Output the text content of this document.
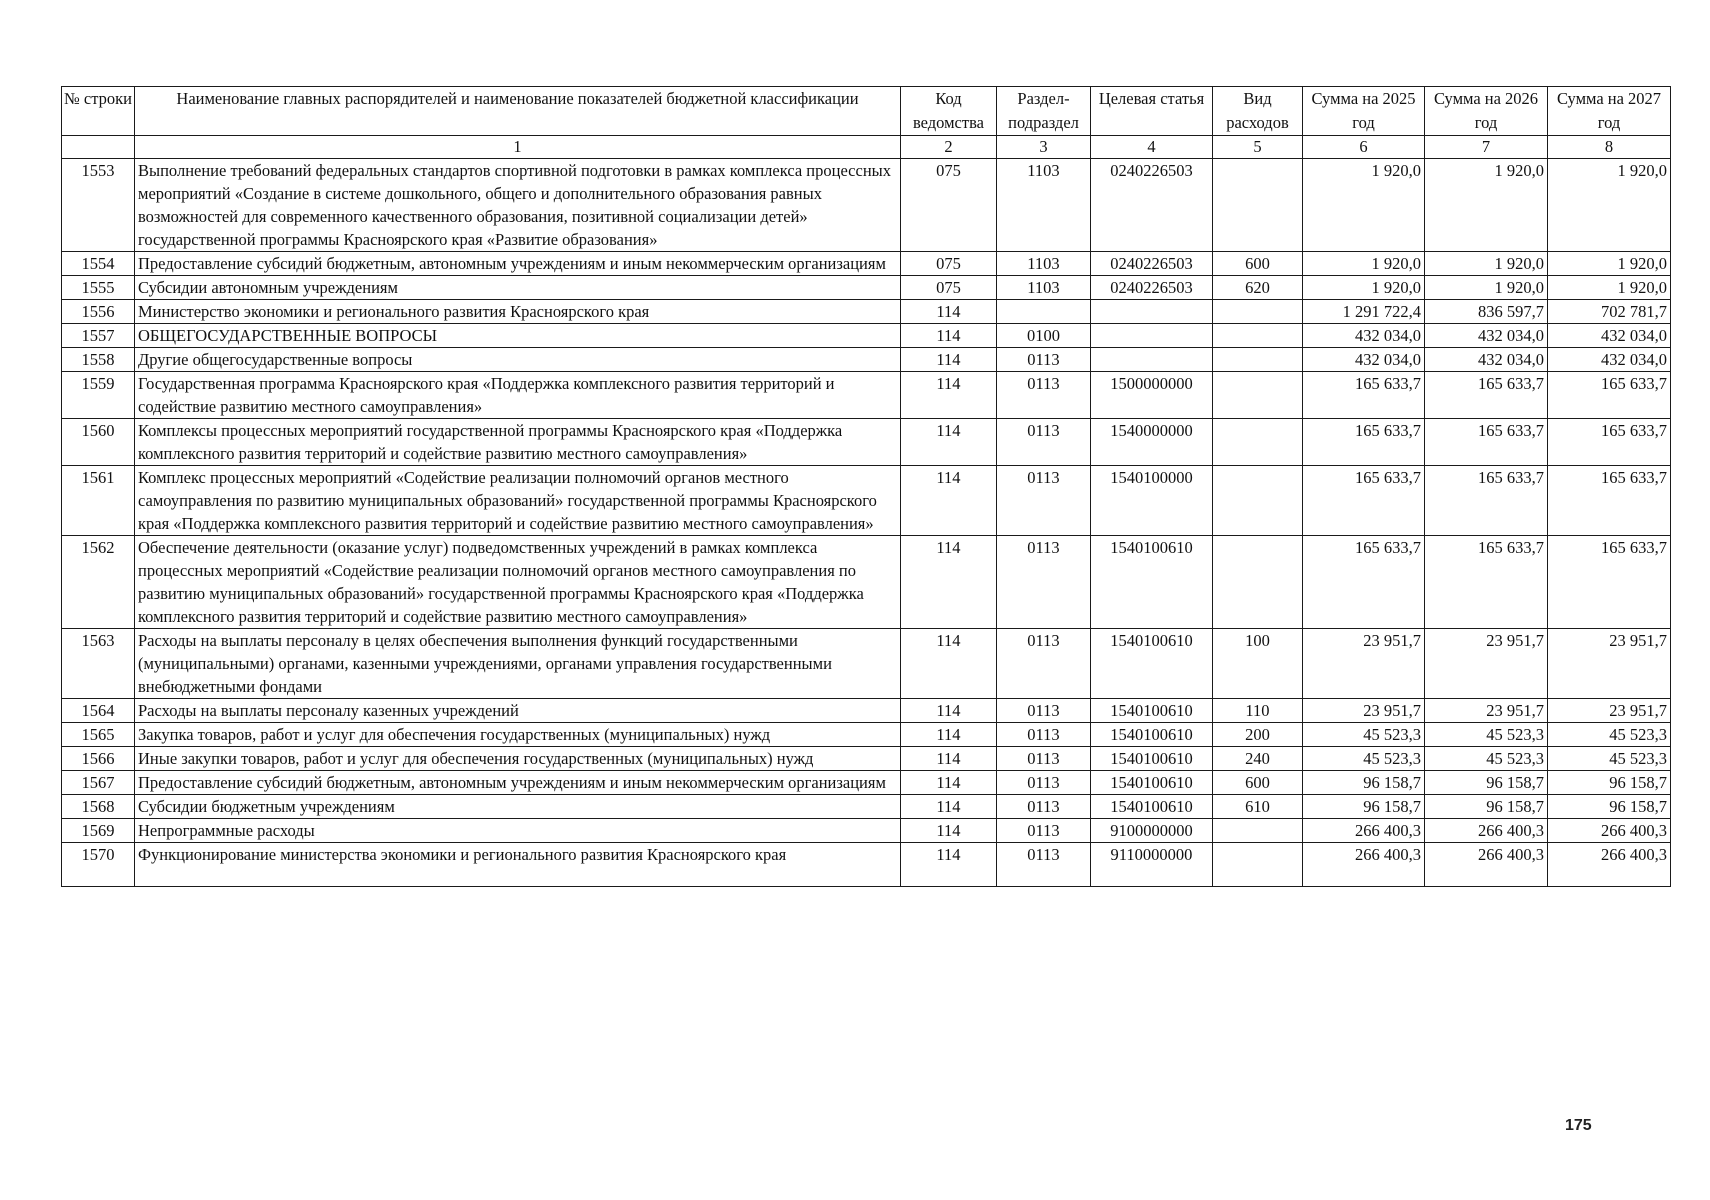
№ строки	Наименование главных распорядителей и наименование показателей бюджетной классификации	Код ведомства	Раздел-подраздел	Целевая статья	Вид расходов	Сумма на 2025 год	Сумма на 2026 год	Сумма на 2027 год
	1	2	3	4	5	6	7	8
1553	Выполнение требований федеральных стандартов спортивной подготовки в рамках комплекса процессных мероприятий «Создание в системе дошкольного, общего и дополнительного образования равных возможностей для современного качественного образования, позитивной социализации детей» государственной программы Красноярского края «Развитие образования»	075	1103	0240226503		1 920,0	1 920,0	1 920,0
1554	Предоставление субсидий бюджетным, автономным учреждениям и иным некоммерческим организациям	075	1103	0240226503	600	1 920,0	1 920,0	1 920,0
1555	Субсидии автономным учреждениям	075	1103	0240226503	620	1 920,0	1 920,0	1 920,0
1556	Министерство экономики и регионального развития Красноярского края	114				1 291 722,4	836 597,7	702 781,7
1557	ОБЩЕГОСУДАРСТВЕННЫЕ ВОПРОСЫ	114	0100			432 034,0	432 034,0	432 034,0
1558	Другие общегосударственные вопросы	114	0113			432 034,0	432 034,0	432 034,0
1559	Государственная программа Красноярского края «Поддержка комплексного развития территорий и содействие развитию местного самоуправления»	114	0113	1500000000		165 633,7	165 633,7	165 633,7
1560	Комплексы процессных мероприятий государственной программы Красноярского края «Поддержка комплексного развития территорий и содействие развитию местного самоуправления»	114	0113	1540000000		165 633,7	165 633,7	165 633,7
1561	Комплекс процессных мероприятий «Содействие реализации полномочий органов местного самоуправления по развитию муниципальных образований» государственной программы Красноярского края «Поддержка комплексного развития территорий и содействие развитию местного самоуправления»	114	0113	1540100000		165 633,7	165 633,7	165 633,7
1562	Обеспечение деятельности (оказание услуг) подведомственных учреждений в рамках комплекса процессных мероприятий «Содействие реализации полномочий органов местного самоуправления по развитию муниципальных образований» государственной программы Красноярского края «Поддержка комплексного развития территорий и содействие развитию местного самоуправления»	114	0113	1540100610		165 633,7	165 633,7	165 633,7
1563	Расходы на выплаты персоналу в целях обеспечения выполнения функций государственными (муниципальными) органами, казенными учреждениями, органами управления государственными внебюджетными фондами	114	0113	1540100610	100	23 951,7	23 951,7	23 951,7
1564	Расходы на выплаты персоналу казенных учреждений	114	0113	1540100610	110	23 951,7	23 951,7	23 951,7
1565	Закупка товаров, работ и услуг для обеспечения государственных (муниципальных) нужд	114	0113	1540100610	200	45 523,3	45 523,3	45 523,3
1566	Иные закупки товаров, работ и услуг для обеспечения государственных (муниципальных) нужд	114	0113	1540100610	240	45 523,3	45 523,3	45 523,3
1567	Предоставление субсидий бюджетным, автономным учреждениям и иным некоммерческим организациям	114	0113	1540100610	600	96 158,7	96 158,7	96 158,7
1568	Субсидии бюджетным учреждениям	114	0113	1540100610	610	96 158,7	96 158,7	96 158,7
1569	Непрограммные расходы	114	0113	9100000000		266 400,3	266 400,3	266 400,3
1570	Функционирование министерства экономики и регионального развития Красноярского края	114	0113	9110000000		266 400,3	266 400,3	266 400,3
175
